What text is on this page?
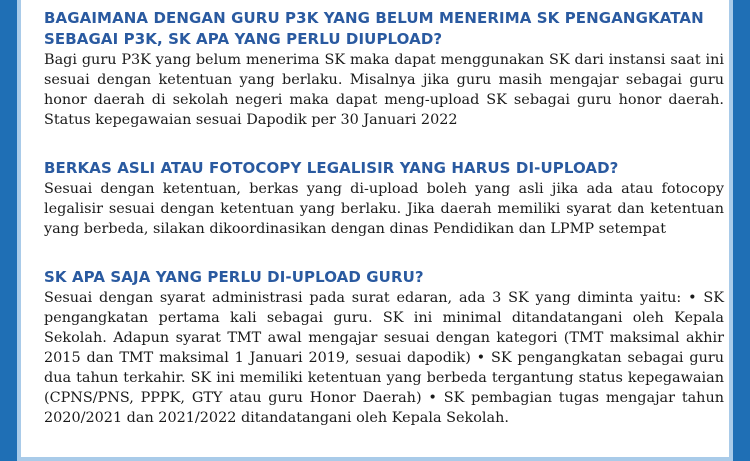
BAGAIMANA DENGAN GURU P3K YANG BELUM MENERIMA SK PENGANGKATAN SEBAGAI P3K, SK APA YANG PERLU DIUPLOAD?

Bagi guru P3K yang belum menerima SK maka dapat menggunakan SK dari instansi saat ini sesuai dengan ketentuan yang berlaku. Misalnya jika guru masih mengajar sebagai guru honor daerah di sekolah negeri maka dapat meng-upload SK sebagai guru honor daerah. Status kepegawaian sesuai Dapodik per 30 Januari 2022

BERKAS ASLI ATAU FOTOCOPY LEGALISIR YANG HARUS DI-UPLOAD?

Sesuai dengan ketentuan, berkas yang di-upload boleh yang asli jika ada atau fotocopy legalisir sesuai dengan ketentuan yang berlaku. Jika daerah memiliki syarat dan ketentuan yang berbeda, silakan dikoordinasikan dengan dinas Pendidikan dan LPMP setempat

SK APA SAJA YANG PERLU DI-UPLOAD GURU?

Sesuai dengan syarat administrasi pada surat edaran, ada 3 SK yang diminta yaitu: • SK pengangkatan pertama kali sebagai guru. SK ini minimal ditandatangani oleh Kepala Sekolah. Adapun syarat TMT awal mengajar sesuai dengan kategori (TMT maksimal akhir 2015 dan TMT maksimal 1 Januari 2019, sesuai dapodik) • SK pengangkatan sebagai guru dua tahun terkahir. SK ini memiliki ketentuan yang berbeda tergantung status kepegawaian (CPNS/PNS, PPPK, GTY atau guru Honor Daerah) • SK pembagian tugas mengajar tahun 2020/2021 dan 2021/2022 ditandatangani oleh Kepala Sekolah.
